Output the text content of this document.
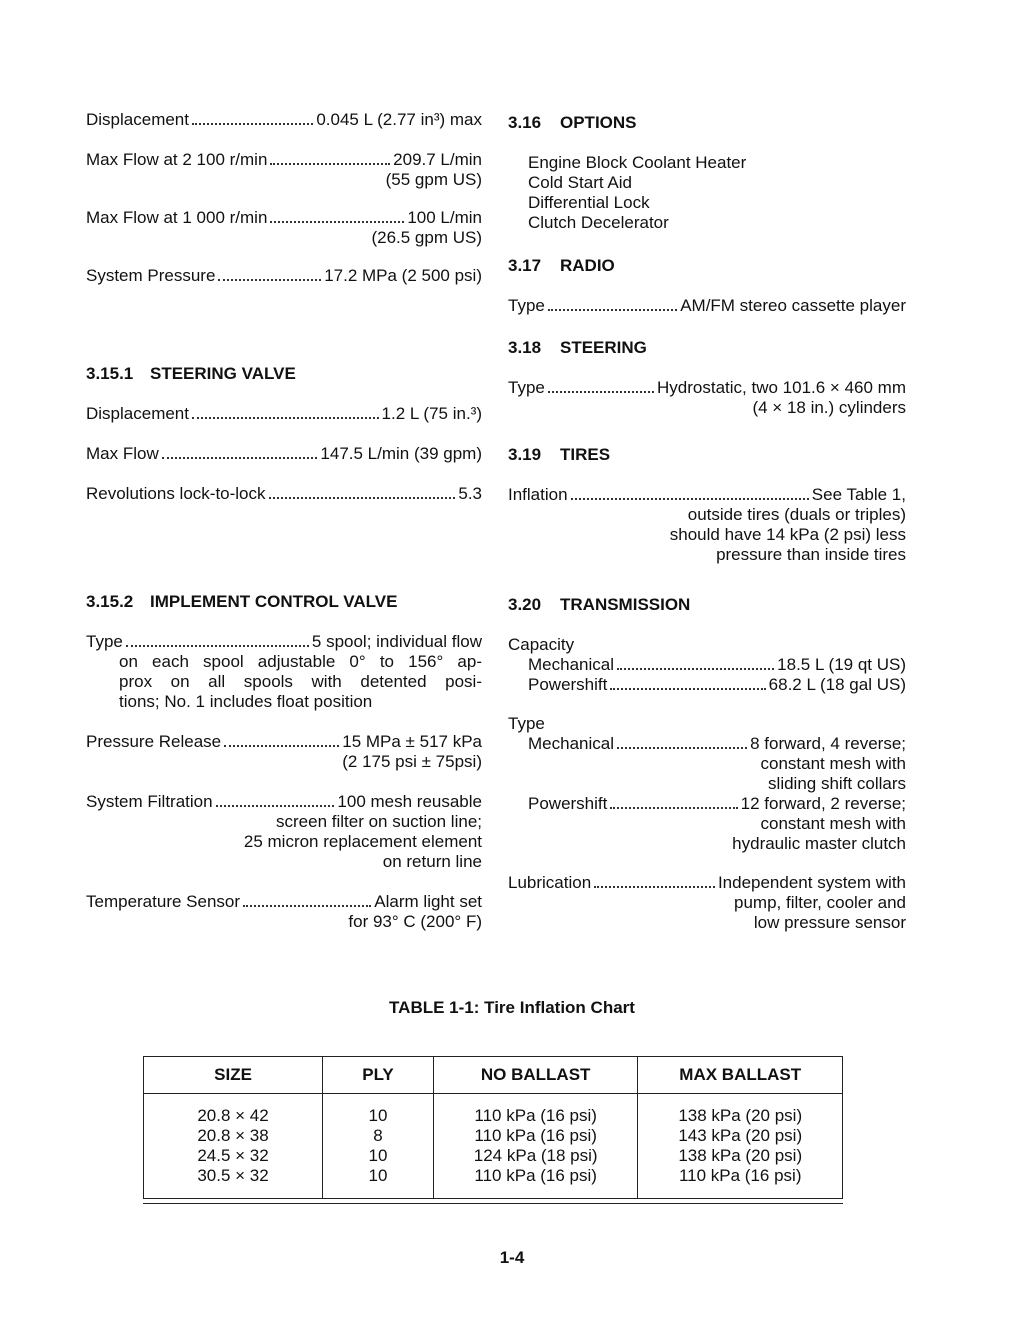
Displacement	0.045 L (2.77 in³) max
Max Flow at 2 100 r/min	209.7 L/min
(55 gpm US)
Max Flow at 1 000 r/min	100 L/min
(26.5 gpm US)
System Pressure	17.2 MPa (2 500 psi)
3.15.1 STEERING VALVE
Displacement	1.2 L (75 in.³)
Max Flow	147.5 L/min (39 gpm)
Revolutions lock-to-lock	5.3
3.15.2 IMPLEMENT CONTROL VALVE
Type	5 spool; individual flow
on each spool adjustable 0° to 156° ap-
prox on all spools with detented posi-
tions; No. 1 includes float position
Pressure Release	15 MPa ± 517 kPa
(2 175 psi ± 75psi)
System Filtration	100 mesh reusable
screen filter on suction line;
25 micron replacement element
on return line
Temperature Sensor	Alarm light set
for 93° C (200° F)
3.16 OPTIONS
Engine Block Coolant Heater
Cold Start Aid
Differential Lock
Clutch Decelerator
3.17 RADIO
Type	AM/FM stereo cassette player
3.18 STEERING
Type	Hydrostatic, two 101.6 × 460 mm
(4 × 18 in.) cylinders
3.19 TIRES
Inflation	See Table 1,
outside tires (duals or triples)
should have 14 kPa (2 psi) less
pressure than inside tires
3.20 TRANSMISSION
Capacity
Mechanical	18.5 L (19 qt US)
Powershift	68.2 L (18 gal US)
Type
Mechanical	8 forward, 4 reverse;
constant mesh with
sliding shift collars
Powershift	12 forward, 2 reverse;
constant mesh with
hydraulic master clutch
Lubrication	Independent system with
pump, filter, cooler and
low pressure sensor
TABLE 1-1: Tire Inflation Chart
SIZE	PLY	NO BALLAST	MAX BALLAST
20.8 × 42	10	110 kPa (16 psi)	138 kPa (20 psi)
20.8 × 38	8	110 kPa (16 psi)	143 kPa (20 psi)
24.5 × 32	10	124 kPa (18 psi)	138 kPa (20 psi)
30.5 × 32	10	110 kPa (16 psi)	110 kPa (16 psi)
1-4
